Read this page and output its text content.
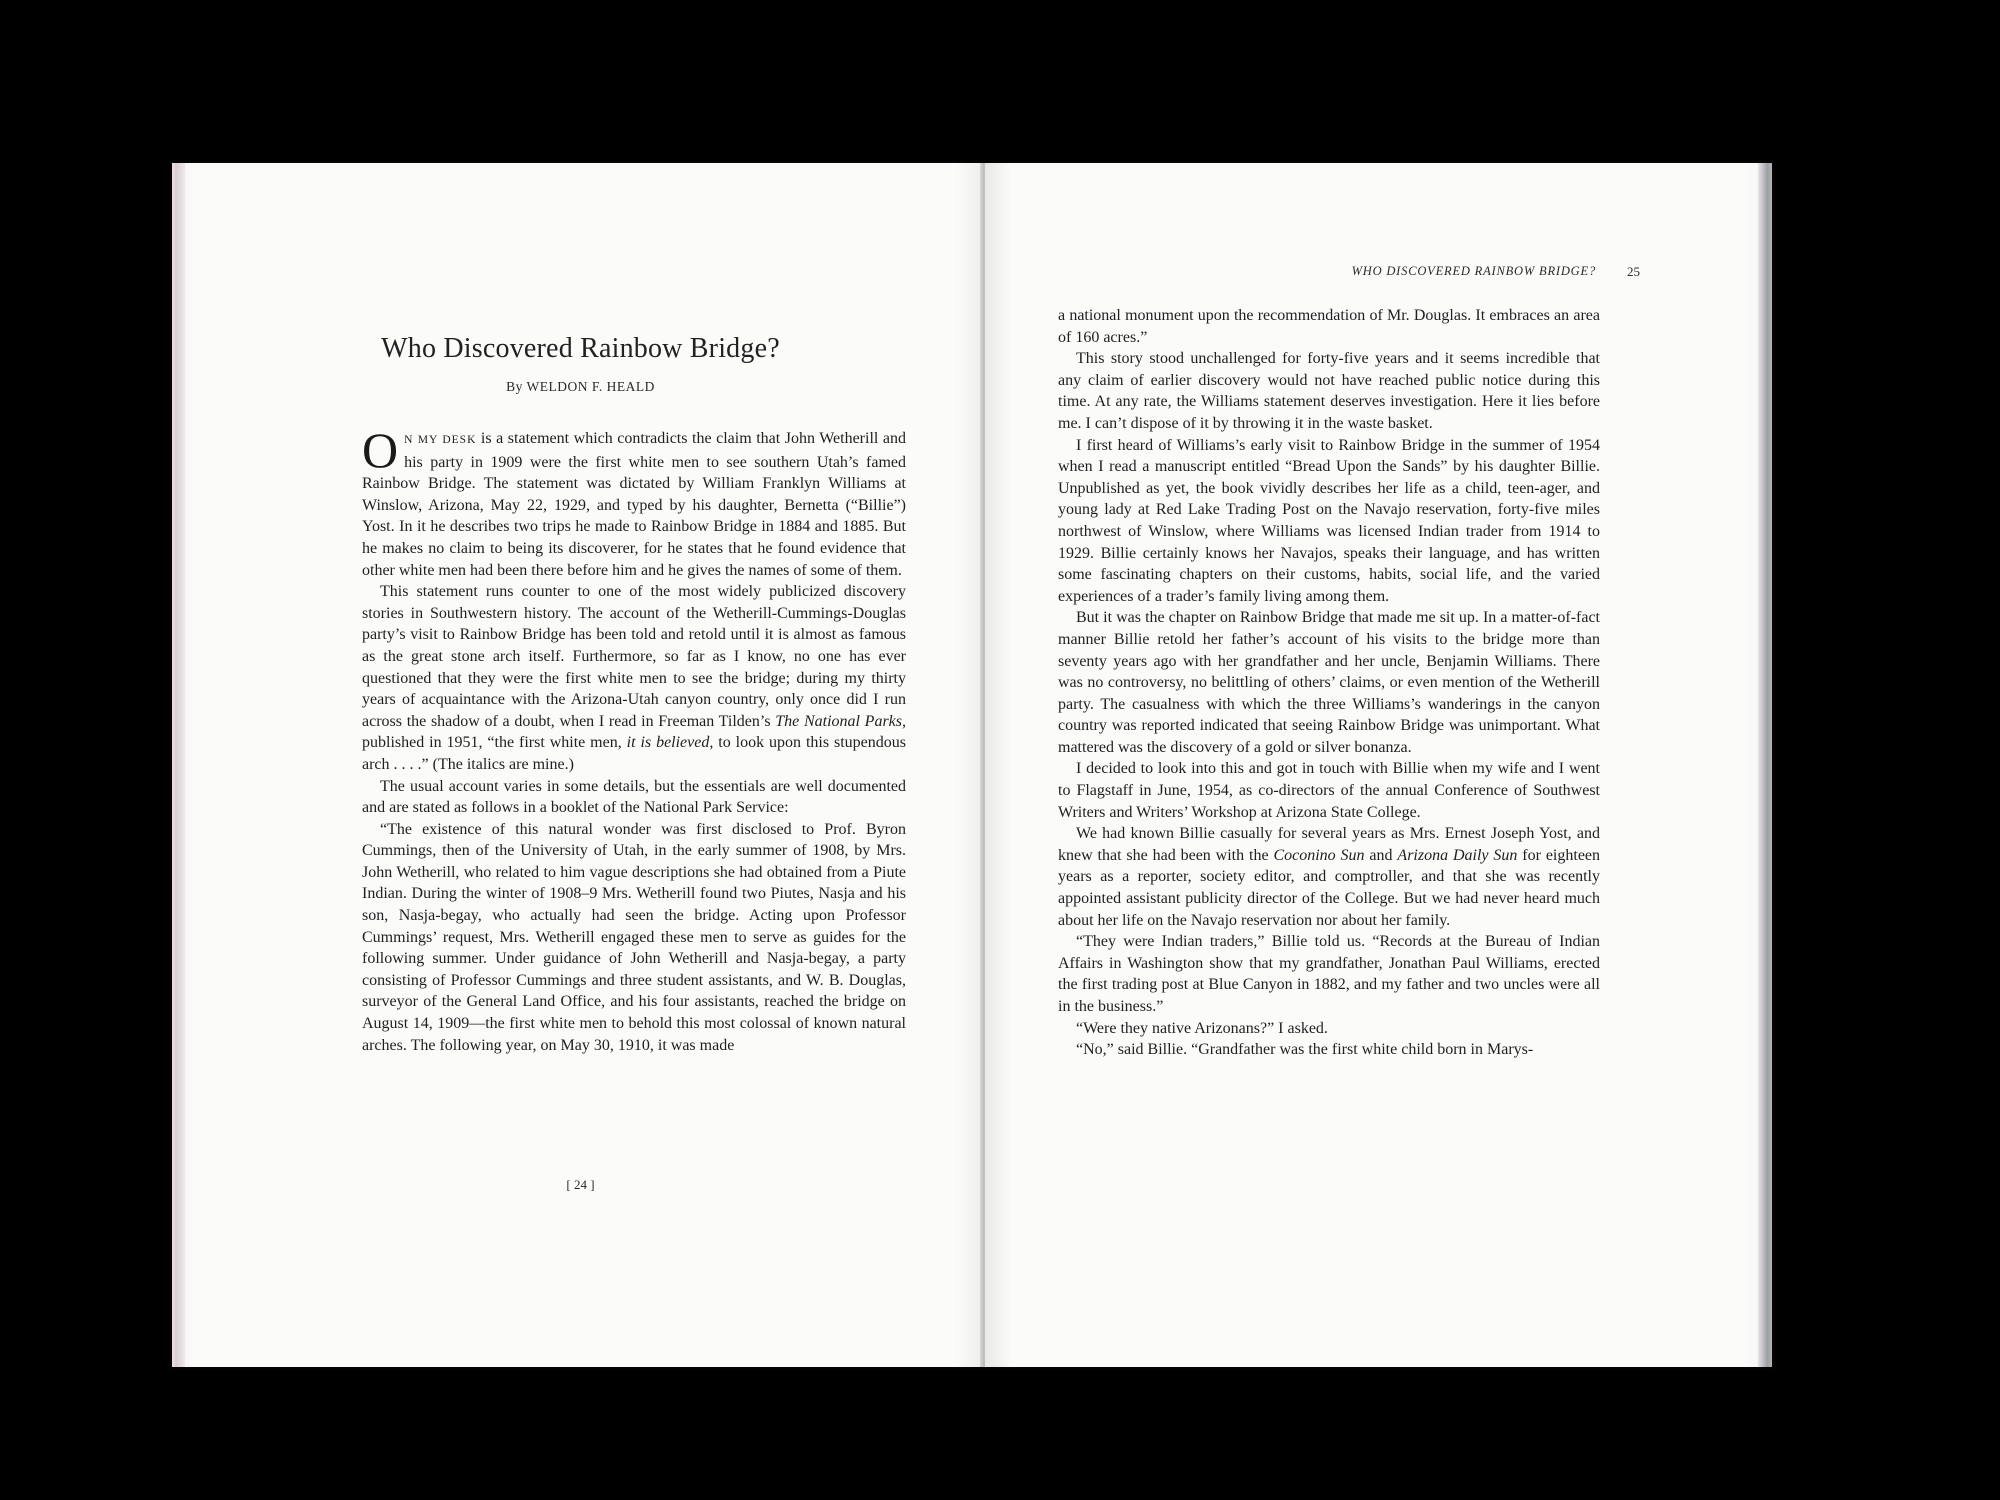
Who Discovered Rainbow Bridge?

By WELDON F. HEALD

O N MY DESK is a statement which contradicts the claim that John Wetherill and his party in 1909 were the first white men to see southern Utah’s famed Rainbow Bridge. The statement was dictated by William Franklyn Williams at Winslow, Arizona, May 22, 1929, and typed by his daughter, Bernetta (“Billie”) Yost. In it he describes two trips he made to Rainbow Bridge in 1884 and 1885. But he makes no claim to being its discoverer, for he states that he found evidence that other white men had been there before him and he gives the names of some of them.

This statement runs counter to one of the most widely publicized discovery stories in Southwestern history. The account of the Wetherill-Cummings-Douglas party’s visit to Rainbow Bridge has been told and retold until it is almost as famous as the great stone arch itself. Furthermore, so far as I know, no one has ever questioned that they were the first white men to see the bridge; during my thirty years of acquaintance with the Arizona-Utah canyon country, only once did I run across the shadow of a doubt, when I read in Freeman Tilden’s The National Parks, published in 1951, “the first white men, it is believed, to look upon this stupendous arch . . . .” (The italics are mine.)

The usual account varies in some details, but the essentials are well documented and are stated as follows in a booklet of the National Park Service:

“The existence of this natural wonder was first disclosed to Prof. Byron Cummings, then of the University of Utah, in the early summer of 1908, by Mrs. John Wetherill, who related to him vague descriptions she had obtained from a Piute Indian. During the winter of 1908–9 Mrs. Wetherill found two Piutes, Nasja and his son, Nasja-begay, who actually had seen the bridge. Acting upon Professor Cummings’ request, Mrs. Wetherill engaged these men to serve as guides for the following summer. Under guidance of John Wetherill and Nasja-begay, a party consisting of Professor Cummings and three student assistants, and W. B. Douglas, surveyor of the General Land Office, and his four assistants, reached the bridge on August 14, 1909—the first white men to behold this most colossal of known natural arches. The following year, on May 30, 1910, it was made

[ 24 ]
WHO DISCOVERED RAINBOW BRIDGE?	25

a national monument upon the recommendation of Mr. Douglas. It embraces an area of 160 acres.”

This story stood unchallenged for forty-five years and it seems incredible that any claim of earlier discovery would not have reached public notice during this time. At any rate, the Williams statement deserves investigation. Here it lies before me. I can’t dispose of it by throwing it in the waste basket.

I first heard of Williams’s early visit to Rainbow Bridge in the summer of 1954 when I read a manuscript entitled “Bread Upon the Sands” by his daughter Billie. Unpublished as yet, the book vividly describes her life as a child, teen-ager, and young lady at Red Lake Trading Post on the Navajo reservation, forty-five miles northwest of Winslow, where Williams was licensed Indian trader from 1914 to 1929. Billie certainly knows her Navajos, speaks their language, and has written some fascinating chapters on their customs, habits, social life, and the varied experiences of a trader’s family living among them.

But it was the chapter on Rainbow Bridge that made me sit up. In a matter-of-fact manner Billie retold her father’s account of his visits to the bridge more than seventy years ago with her grandfather and her uncle, Benjamin Williams. There was no controversy, no belittling of others’ claims, or even mention of the Wetherill party. The casualness with which the three Williams’s wanderings in the canyon country was reported indicated that seeing Rainbow Bridge was unimportant. What mattered was the discovery of a gold or silver bonanza.

I decided to look into this and got in touch with Billie when my wife and I went to Flagstaff in June, 1954, as co-directors of the annual Conference of Southwest Writers and Writers’ Workshop at Arizona State College.

We had known Billie casually for several years as Mrs. Ernest Joseph Yost, and knew that she had been with the Coconino Sun and Arizona Daily Sun for eighteen years as a reporter, society editor, and comptroller, and that she was recently appointed assistant publicity director of the College. But we had never heard much about her life on the Navajo reservation nor about her family.

“They were Indian traders,” Billie told us. “Records at the Bureau of Indian Affairs in Washington show that my grandfather, Jonathan Paul Williams, erected the first trading post at Blue Canyon in 1882, and my father and two uncles were all in the business.”

“Were they native Arizonans?” I asked.

“No,” said Billie. “Grandfather was the first white child born in Marys-
